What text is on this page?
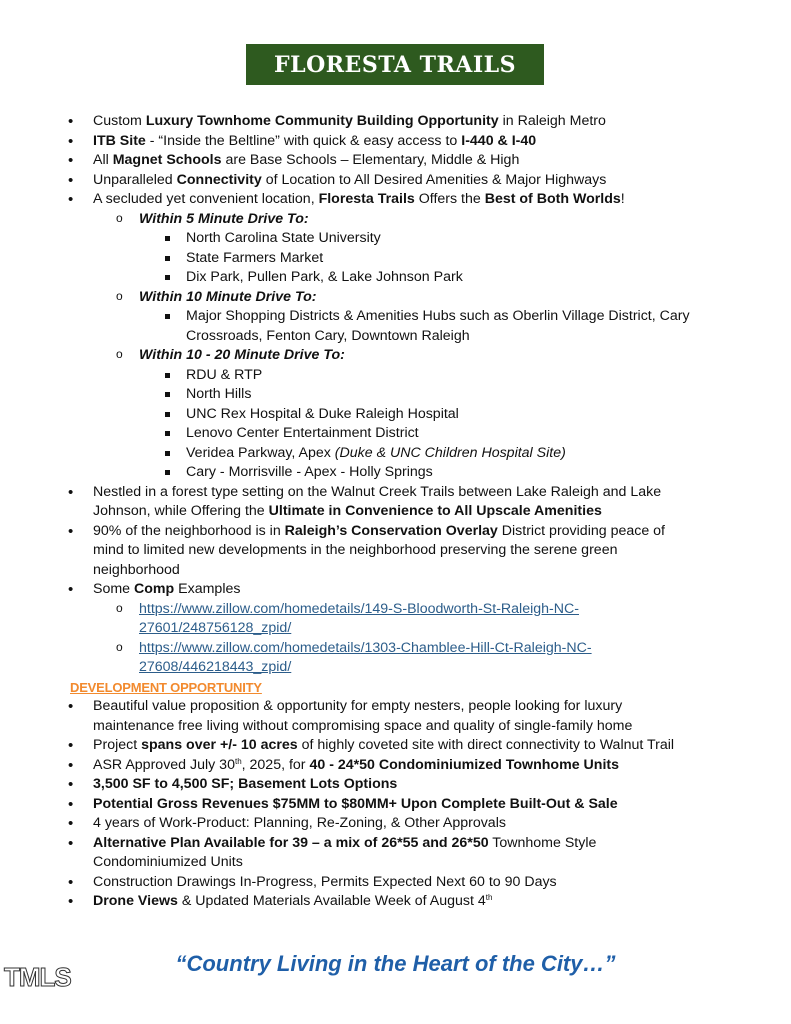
FLORESTA TRAILS
• Custom Luxury Townhome Community Building Opportunity in Raleigh Metro
• ITB Site - “Inside the Beltline” with quick & easy access to I-440 & I-40
• All Magnet Schools are Base Schools – Elementary, Middle & High
• Unparalleled Connectivity of Location to All Desired Amenities & Major Highways
• A secluded yet convenient location, Floresta Trails Offers the Best of Both Worlds!
o Within 5 Minute Drive To:
North Carolina State University
State Farmers Market
Dix Park, Pullen Park, & Lake Johnson Park
o Within 10 Minute Drive To:
Major Shopping Districts & Amenities Hubs such as Oberlin Village District, Cary
Crossroads, Fenton Cary, Downtown Raleigh
o Within 10 - 20 Minute Drive To:
RDU & RTP
North Hills
UNC Rex Hospital & Duke Raleigh Hospital
Lenovo Center Entertainment District
Veridea Parkway, Apex (Duke & UNC Children Hospital Site)
Cary - Morrisville - Apex - Holly Springs
• Nestled in a forest type setting on the Walnut Creek Trails between Lake Raleigh and Lake
Johnson, while Offering the Ultimate in Convenience to All Upscale Amenities
• 90% of the neighborhood is in Raleigh’s Conservation Overlay District providing peace of
mind to limited new developments in the neighborhood preserving the serene green
neighborhood
• Some Comp Examples
o https://www.zillow.com/homedetails/149-S-Bloodworth-St-Raleigh-NC-
27601/248756128_zpid/
o https://www.zillow.com/homedetails/1303-Chamblee-Hill-Ct-Raleigh-NC-
27608/446218443_zpid/
DEVELOPMENT OPPORTUNITY
• Beautiful value proposition & opportunity for empty nesters, people looking for luxury
maintenance free living without compromising space and quality of single-family home
• Project spans over +/- 10 acres of highly coveted site with direct connectivity to Walnut Trail
• ASR Approved July 30th, 2025, for 40 - 24*50 Condominiumized Townhome Units
• 3,500 SF to 4,500 SF; Basement Lots Options
• Potential Gross Revenues $75MM to $80MM+ Upon Complete Built-Out & Sale
• 4 years of Work-Product: Planning, Re-Zoning, & Other Approvals
• Alternative Plan Available for 39 – a mix of 26*55 and 26*50 Townhome Style
Condominiumized Units
• Construction Drawings In-Progress, Permits Expected Next 60 to 90 Days
• Drone Views & Updated Materials Available Week of August 4th
“Country Living in the Heart of the City…”
TMLS
